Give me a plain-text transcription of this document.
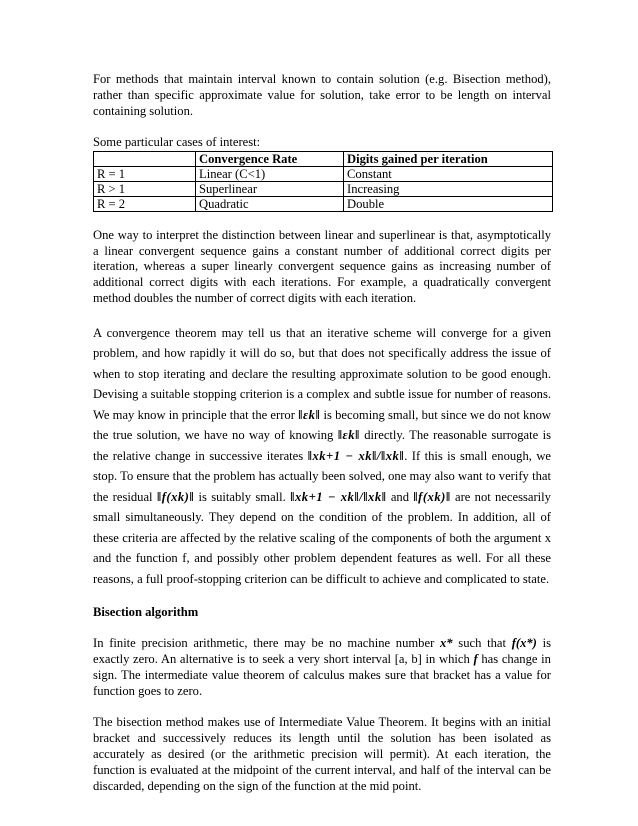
For methods that maintain interval known to contain solution (e.g. Bisection method), rather than specific approximate value for solution, take error to be length on interval containing solution.

Some particular cases of interest:

	Convergence Rate	Digits gained per iteration
R = 1	Linear (C<1)	Constant
R > 1	Superlinear	Increasing
R = 2	Quadratic	Double

One way to interpret the distinction between linear and superlinear is that, asymptotically a linear convergent sequence gains a constant number of additional correct digits per iteration, whereas a super linearly convergent sequence gains as increasing number of additional correct digits with each iterations. For example, a quadratically convergent method doubles the number of correct digits with each iteration.

A convergence theorem may tell us that an iterative scheme will converge for a given problem, and how rapidly it will do so, but that does not specifically address the issue of when to stop iterating and declare the resulting approximate solution to be good enough. Devising a suitable stopping criterion is a complex and subtle issue for number of reasons. We may know in principle that the error ‖εk‖ is becoming small, but since we do not know the true solution, we have no way of knowing ‖εk‖ directly. The reasonable surrogate is the relative change in successive iterates ‖xk+1 − xk‖/‖xk‖. If this is small enough, we stop. To ensure that the problem has actually been solved, one may also want to verify that the residual ‖f(xk)‖ is suitably small. ‖xk+1 − xk‖/‖xk‖ and ‖f(xk)‖ are not necessarily small simultaneously. They depend on the condition of the problem. In addition, all of these criteria are affected by the relative scaling of the components of both the argument x and the function f, and possibly other problem dependent features as well. For all these reasons, a full proof-stopping criterion can be difficult to achieve and complicated to state.

Bisection algorithm

In finite precision arithmetic, there may be no machine number x* such that f(x*) is exactly zero. An alternative is to seek a very short interval [a, b] in which f has change in sign. The intermediate value theorem of calculus makes sure that bracket has a value for function goes to zero.

The bisection method makes use of Intermediate Value Theorem. It begins with an initial bracket and successively reduces its length until the solution has been isolated as accurately as desired (or the arithmetic precision will permit). At each iteration, the function is evaluated at the midpoint of the current interval, and half of the interval can be discarded, depending on the sign of the function at the mid point.
